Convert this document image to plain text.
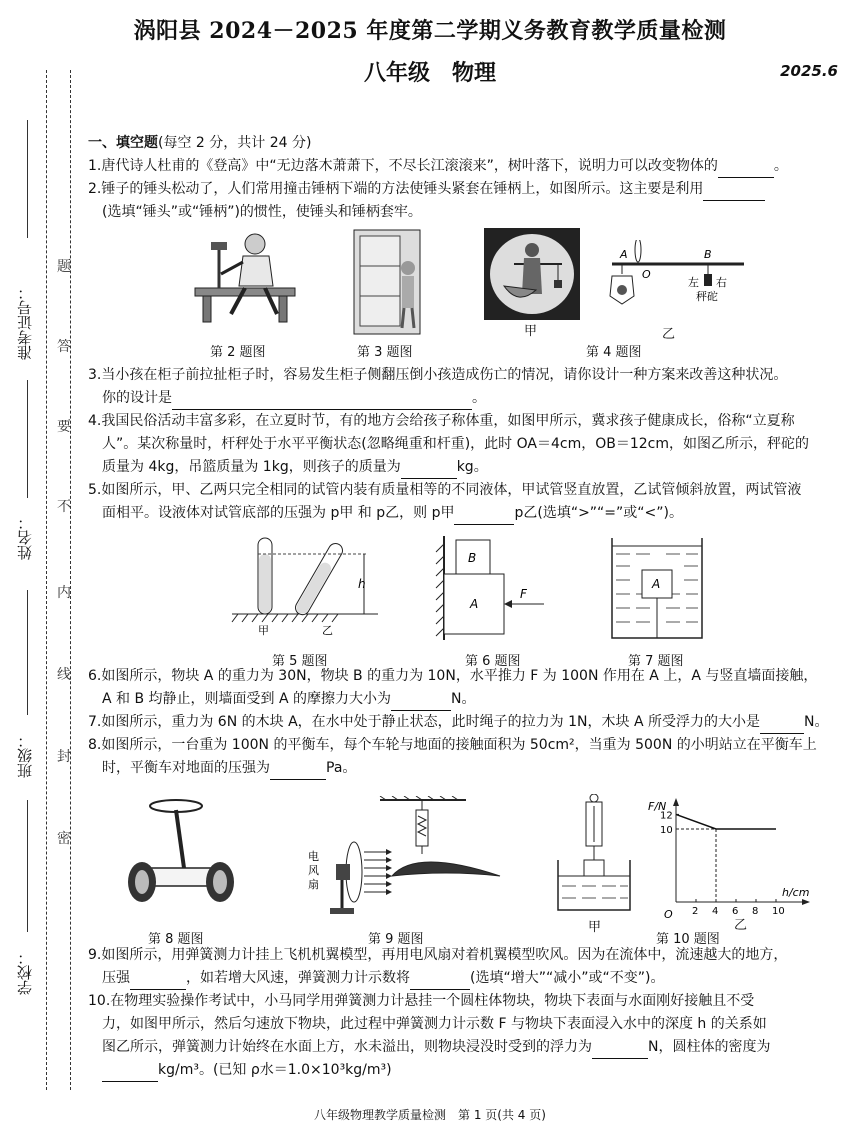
涡阳县 2024－2025 年度第二学期义务教育教学质量检测
八年级　物理	2025.6
准考证号：
姓名：
班级：
学校：
题
答
要
不
内
线
封
密

一、填空题(每空 2 分，共计 24 分)

1.唐代诗人杜甫的《登高》中“无边落木萧萧下，不尽长江滚滚来”，树叶落下，说明力可以改变物体的	。

2.锤子的锤头松动了，人们常用撞击锤柄下端的方法使锤头紧套在锤柄上，如图所示。这主要是利用

(选填“锤头”或“锤柄”)的惯性，使锤头和锤柄套牢。

3.当小孩在柜子前拉扯柜子时，容易发生柜子侧翻压倒小孩造成伤亡的情况，请你设计一种方案来改善这种状况。

你的设计是	。

4.我国民俗活动丰富多彩，在立夏时节，有的地方会给孩子称体重，如图甲所示，冀求孩子健康成长，俗称“立夏称

人”。某次称量时，杆秤处于水平平衡状态(忽略绳重和杆重)，此时 OA＝4cm，OB＝12cm，如图乙所示，秤砣的

质量为 4kg，吊篮质量为 1kg，则孩子的质量为	kg。

5.如图所示，甲、乙两只完全相同的试管内装有质量相等的不同液体，甲试管竖直放置，乙试管倾斜放置，两试管液

面相平。设液体对试管底部的压强为 p甲 和 p乙，则 p甲	p乙(选填“>”“=”或“<”)。

6.如图所示，物块 A 的重力为 30N，物块 B 的重力为 10N，水平推力 F 为 100N 作用在 A 上，A 与竖直墙面接触，

A 和 B 均静止，则墙面受到 A 的摩擦力大小为	N。

7.如图所示，重力为 6N 的木块 A，在水中处于静止状态，此时绳子的拉力为 1N，木块 A 所受浮力的大小是	N。

8.如图所示，一台重为 100N 的平衡车，每个车轮与地面的接触面积为 50cm²，当重为 500N 的小明站立在平衡车上

时，平衡车对地面的压强为	Pa。

9.如图所示，用弹簧测力计挂上飞机机翼模型，再用电风扇对着机翼模型吹风。因为在流体中，流速越大的地方，

压强	，如若增大风速，弹簧测力计示数将	(选填“增大”“减小”或“不变”)。

10.在物理实验操作考试中，小马同学用弹簧测力计悬挂一个圆柱体物块，物块下表面与水面刚好接触且不受

力，如图甲所示，然后匀速放下物块，此过程中弹簧测力计示数 F 与物块下表面浸入水中的深度 h 的关系如

图乙所示，弹簧测力计始终在水面上方，水未溢出，则物块浸没时受到的浮力为	N，圆柱体的密度为

kg/m³。(已知 ρ水＝1.0×10³kg/m³)

第 2 题图	第 3 题图
甲
A
O
B
左 右
秤砣
乙
第 4 题图
h
甲	乙
第 5 题图
A
B
F
第 6 题图
A
第 7 题图
第 8 题图
电
风
扇
第 9 题图
甲
F/N
h/cm
O 2 4 6 8 10
10
12
乙
第 10 题图
八年级物理教学质量检测　第 1 页(共 4 页)
